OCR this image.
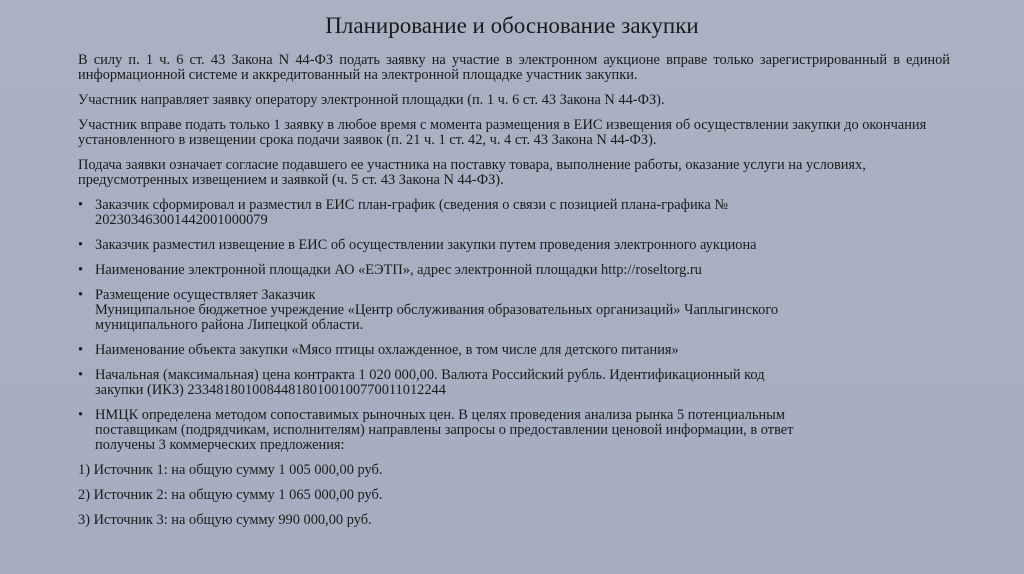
Планирование и обоснование закупки

В силу п. 1 ч. 6 ст. 43 Закона N 44-ФЗ подать заявку на участие в электронном аукционе вправе только зарегистрированный в единой информационной системе и аккредитованный на электронной площадке участник закупки.

Участник направляет заявку оператору электронной площадки (п. 1 ч. 6 ст. 43 Закона N 44-ФЗ).

Участник вправе подать только 1 заявку в любое время с момента размещения в ЕИС извещения об осуществлении закупки до окончания установленного в извещении срока подачи заявок (п. 21 ч. 1 ст. 42, ч. 4 ст. 43 Закона N 44-ФЗ).

Подача заявки означает согласие подавшего ее участника на поставку товара, выполнение работы, оказание услуги на условиях, предусмотренных извещением и заявкой (ч. 5 ст. 43 Закона N 44-ФЗ).

• Заказчик сформировал и разместил в ЕИС план-график (сведения о связи с позицией плана-графика №
202303463001442001000079
• Заказчик разместил извещение в ЕИС об осуществлении закупки путем проведения электронного аукциона
• Наименование электронной площадки АО «ЕЭТП», адрес электронной площадки http://roseltorg.ru
• Размещение осуществляет Заказчик
Муниципальное бюджетное учреждение «Центр обслуживания образовательных организаций» Чаплыгинского
муниципального района Липецкой области.
• Наименование объекта закупки «Мясо птицы охлажденное, в том числе для детского питания»
• Начальная (максимальная) цена контракта 1 020 000,00. Валюта Российский рубль. Идентификационный код
закупки (ИКЗ) 233481801008448180100100770011012244
• НМЦК определена методом сопоставимых рыночных цен. В целях проведения анализа рынка 5 потенциальным
поставщикам (подрядчикам, исполнителям) направлены запросы о предоставлении ценовой информации, в ответ
получены 3 коммерческих предложения:

1) Источник 1: на общую сумму 1 005 000,00 руб.

2) Источник 2: на общую сумму 1 065 000,00 руб.

3) Источник 3: на общую сумму 990 000,00 руб.
